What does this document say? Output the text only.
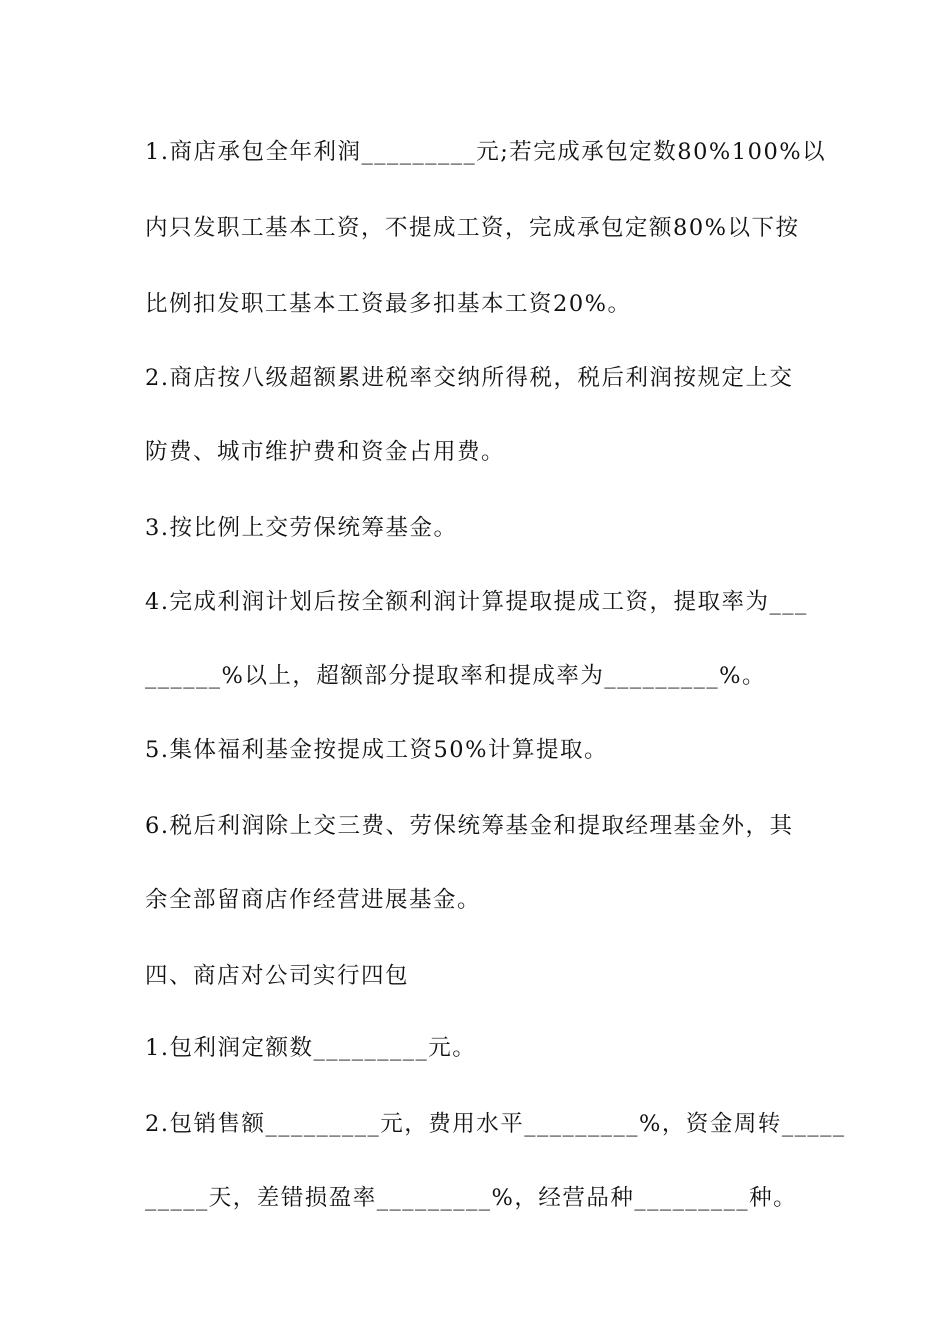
1.商店承包全年利润_________元;若完成承包定数80%100%以

内只发职工基本工资，不提成工资，完成承包定额80%以下按

比例扣发职工基本工资最多扣基本工资20%。

2.商店按八级超额累进税率交纳所得税，税后利润按规定上交

防费、城市维护费和资金占用费。

3.按比例上交劳保统筹基金。

4.完成利润计划后按全额利润计算提取提成工资，提取率为___

______%以上，超额部分提取率和提成率为_________%。

5.集体福利基金按提成工资50%计算提取。

6.税后利润除上交三费、劳保统筹基金和提取经理基金外，其

余全部留商店作经营进展基金。

四、商店对公司实行四包

1.包利润定额数_________元。

2.包销售额_________元，费用水平_________%，资金周转_____

_____天，差错损盈率_________%，经营品种_________种。
